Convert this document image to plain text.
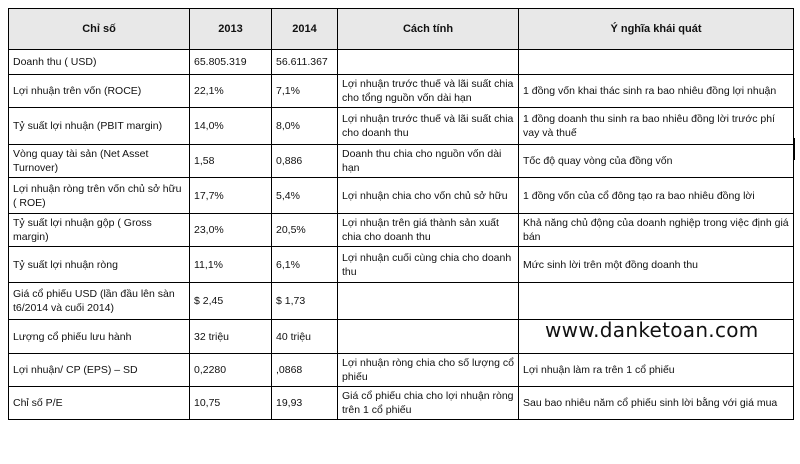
Chỉ số	2013	2014	Cách tính	Ý nghĩa khái quát
Doanh thu ( USD)	65.805.319	56.611.367		
Lợi nhuận trên vốn (ROCE)	22,1%	7,1%	Lợi nhuận trước thuế và lãi suất chia cho tổng nguồn vốn dài hạn	1 đồng vốn khai thác sinh ra bao nhiêu đồng lợi nhuận
Tỷ suất lợi nhuận (PBIT margin)	14,0%	8,0%	Lợi nhuận trước thuế và lãi suất chia cho doanh thu	1 đồng doanh thu sinh ra bao nhiêu đồng lời trước phí vay và thuế
Vòng quay tài sản (Net Asset Turnover)	1,58	0,886	Doanh thu chia cho nguồn vốn dài hạn	Tốc độ quay vòng của đồng vốn
Lợi nhuận ròng trên vốn chủ sở hữu ( ROE)	17,7%	5,4%	Lợi nhuận chia cho vốn chủ sở hữu	1 đồng vốn của cổ đông tạo ra bao nhiêu đồng lời
Tỷ suất lợi nhuận gộp ( Gross margin)	23,0%	20,5%	Lợi nhuận trên giá thành sản xuất chia cho doanh thu	Khả năng chủ động của doanh nghiệp trong việc định giá bán
Tỷ suất lợi nhuận ròng	11,1%	6,1%	Lợi nhuận cuối cùng chia cho doanh thu	Mức sinh lời trên một đồng doanh thu
Giá cổ phiếu USD (lần đầu lên sàn t6/2014 và cuối 2014)	$ 2,45	$ 1,73		
Lượng cổ phiếu lưu hành	32 triệu	40 triệu		
Lợi nhuận/ CP (EPS) – SD	0,2280	,0868	Lợi nhuận ròng chia cho số lượng cổ phiếu	Lợi nhuận làm ra trên 1 cổ phiếu
Chỉ số P/E	10,75	19,93	Giá cổ phiếu chia cho lợi nhuận ròng trên 1 cổ phiếu	Sau bao nhiêu năm cổ phiếu sinh lời bằng với giá mua
www.danketoan.com
